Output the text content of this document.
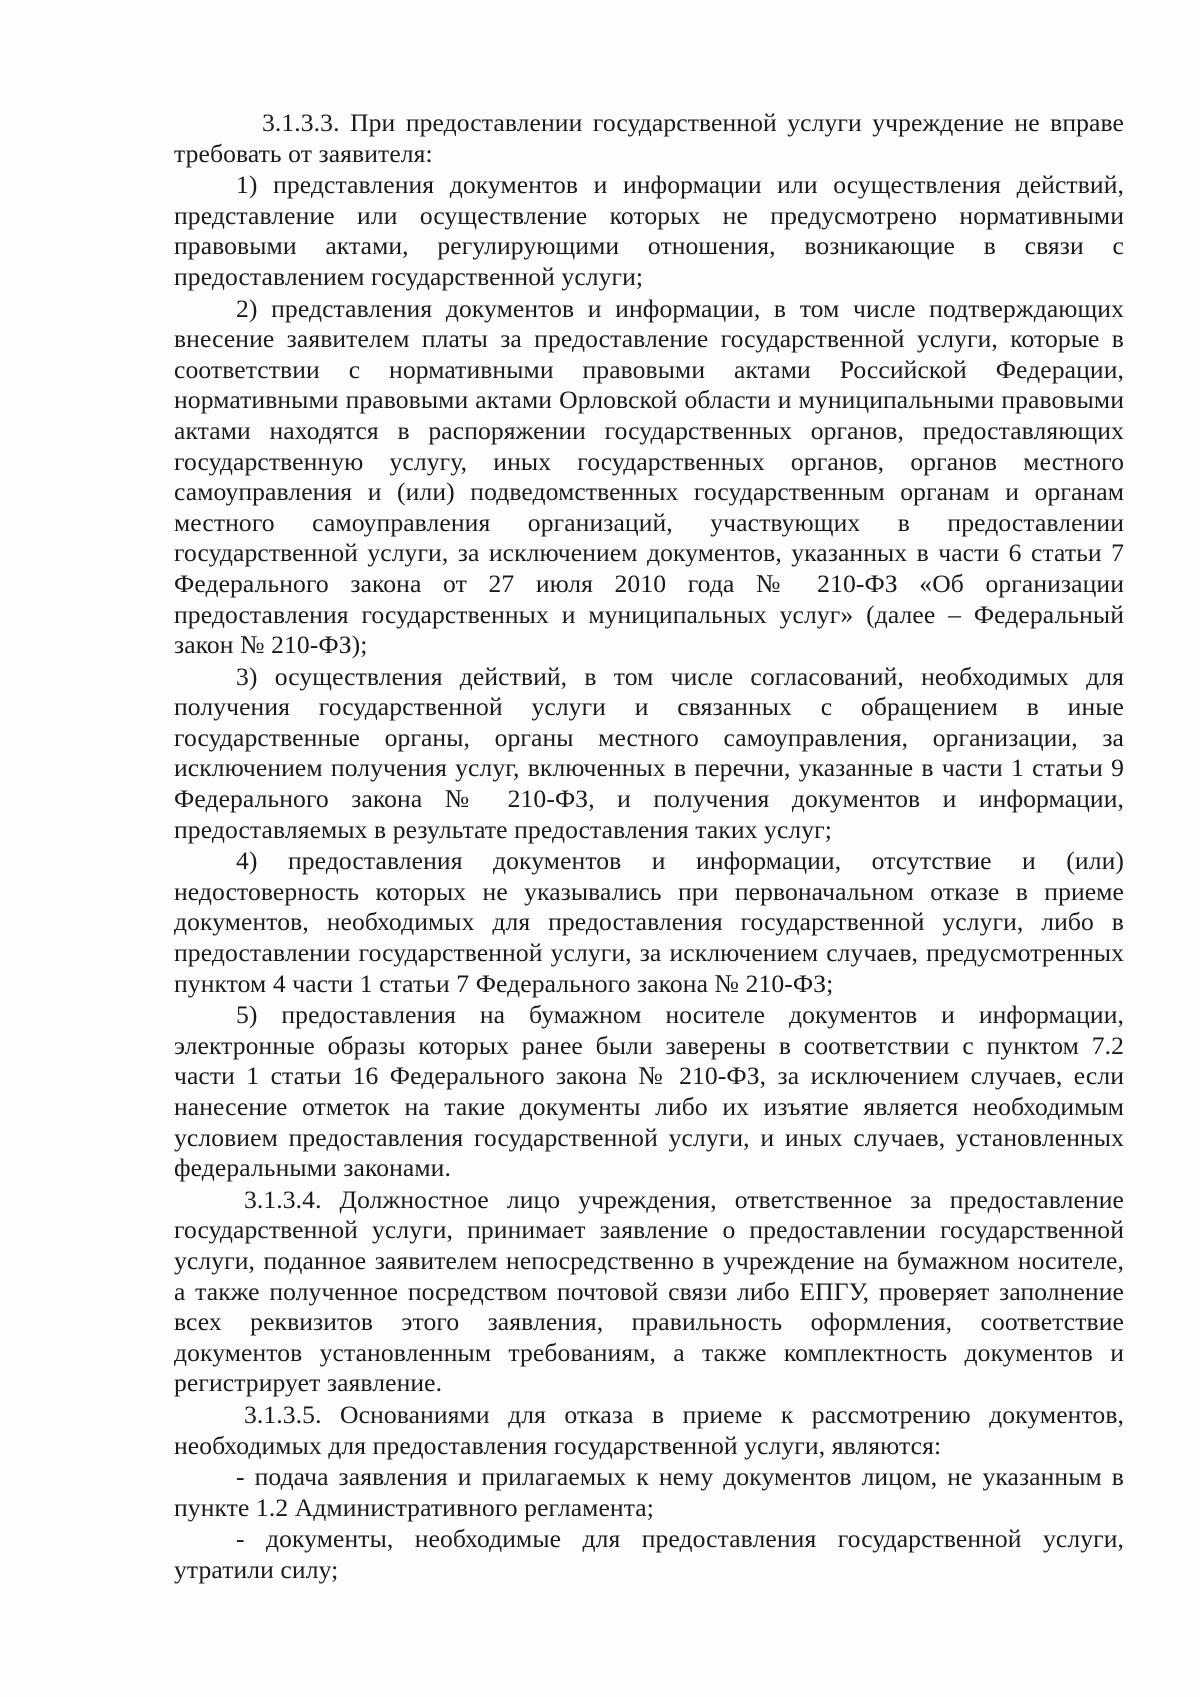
3.1.3.3. При предоставлении государственной услуги учреждение не вправе требовать от заявителя:

1) представления документов и информации или осуществления действий, представление или осуществление которых не предусмотрено нормативными правовыми актами, регулирующими отношения, возникающие в связи с предоставлением государственной услуги;

2) представления документов и информации, в том числе подтверждающих внесение заявителем платы за предоставление государственной услуги, которые в соответствии с нормативными правовыми актами Российской Федерации, нормативными правовыми актами Орловской области и муниципальными правовыми актами находятся в распоряжении государственных органов, предоставляющих государственную услугу, иных государственных органов, органов местного самоуправления и (или) подведомственных государственным органам и органам местного самоуправления организаций, участвующих в предоставлении государственной услуги, за исключением документов, указанных в части 6 статьи 7 Федерального закона от 27 июля 2010 года № 210-ФЗ «Об организации предоставления государственных и муниципальных услуг» (далее – Федеральный закон № 210-ФЗ);

3) осуществления действий, в том числе согласований, необходимых для получения государственной услуги и связанных с обращением в иные государственные органы, органы местного самоуправления, организации, за исключением получения услуг, включенных в перечни, указанные в части 1 статьи 9 Федерального закона № 210-ФЗ, и получения документов и информации, предоставляемых в результате предоставления таких услуг;

4) предоставления документов и информации, отсутствие и (или) недостоверность которых не указывались при первоначальном отказе в приеме документов, необходимых для предоставления государственной услуги, либо в предоставлении государственной услуги, за исключением случаев, предусмотренных пунктом 4 части 1 статьи 7 Федерального закона № 210-ФЗ;

5) предоставления на бумажном носителе документов и информации, электронные образы которых ранее были заверены в соответствии с пунктом 7.2 части 1 статьи 16 Федерального закона № 210-ФЗ, за исключением случаев, если нанесение отметок на такие документы либо их изъятие является необходимым условием предоставления государственной услуги, и иных случаев, установленных федеральными законами.

3.1.3.4. Должностное лицо учреждения, ответственное за предоставление государственной услуги, принимает заявление о предоставлении государственной услуги, поданное заявителем непосредственно в учреждение на бумажном носителе, а также полученное посредством почтовой связи либо ЕПГУ, проверяет заполнение всех реквизитов этого заявления, правильность оформления, соответствие документов установленным требованиям, а также комплектность документов и регистрирует заявление.

3.1.3.5. Основаниями для отказа в приеме к рассмотрению документов, необходимых для предоставления государственной услуги, являются:

- подача заявления и прилагаемых к нему документов лицом, не указанным в пункте 1.2 Административного регламента;

- документы, необходимые для предоставления государственной услуги, утратили силу;
